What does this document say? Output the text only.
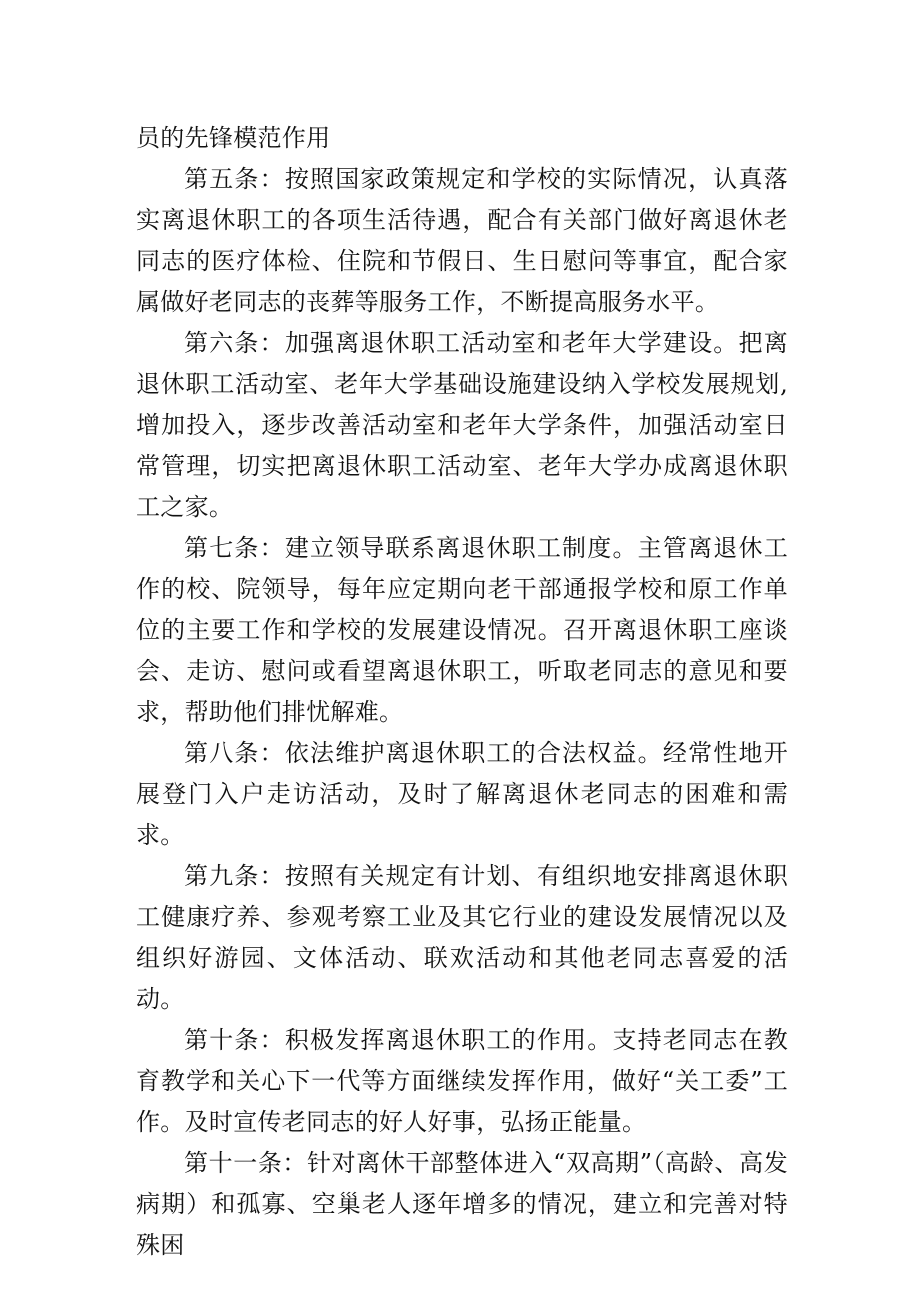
员的先锋模范作用

第五条：按照国家政策规定和学校的实际情况，认真落实离退休职工的各项生活待遇，配合有关部门做好离退休老同志的医疗体检、住院和节假日、生日慰问等事宜，配合家属做好老同志的丧葬等服务工作，不断提高服务水平。

第六条：加强离退休职工活动室和老年大学建设。把离退休职工活动室、老年大学基础设施建设纳入学校发展规划,增加投入，逐步改善活动室和老年大学条件，加强活动室日常管理，切实把离退休职工活动室、老年大学办成离退休职工之家。

第七条：建立领导联系离退休职工制度。主管离退休工作的校、院领导，每年应定期向老干部通报学校和原工作单位的主要工作和学校的发展建设情况。召开离退休职工座谈会、走访、慰问或看望离退休职工，听取老同志的意见和要求，帮助他们排忧解难。

第八条：依法维护离退休职工的合法权益。经常性地开展登门入户走访活动，及时了解离退休老同志的困难和需求。

第九条：按照有关规定有计划、有组织地安排离退休职工健康疗养、参观考察工业及其它行业的建设发展情况以及组织好游园、文体活动、联欢活动和其他老同志喜爱的活动。

第十条：积极发挥离退休职工的作用。支持老同志在教育教学和关心下一代等方面继续发挥作用，做好“关工委”工作。及时宣传老同志的好人好事，弘扬正能量。

第十一条：针对离休干部整体进入“双高期”（高龄、高发病期）和孤寡、空巢老人逐年增多的情况，建立和完善对特殊困
